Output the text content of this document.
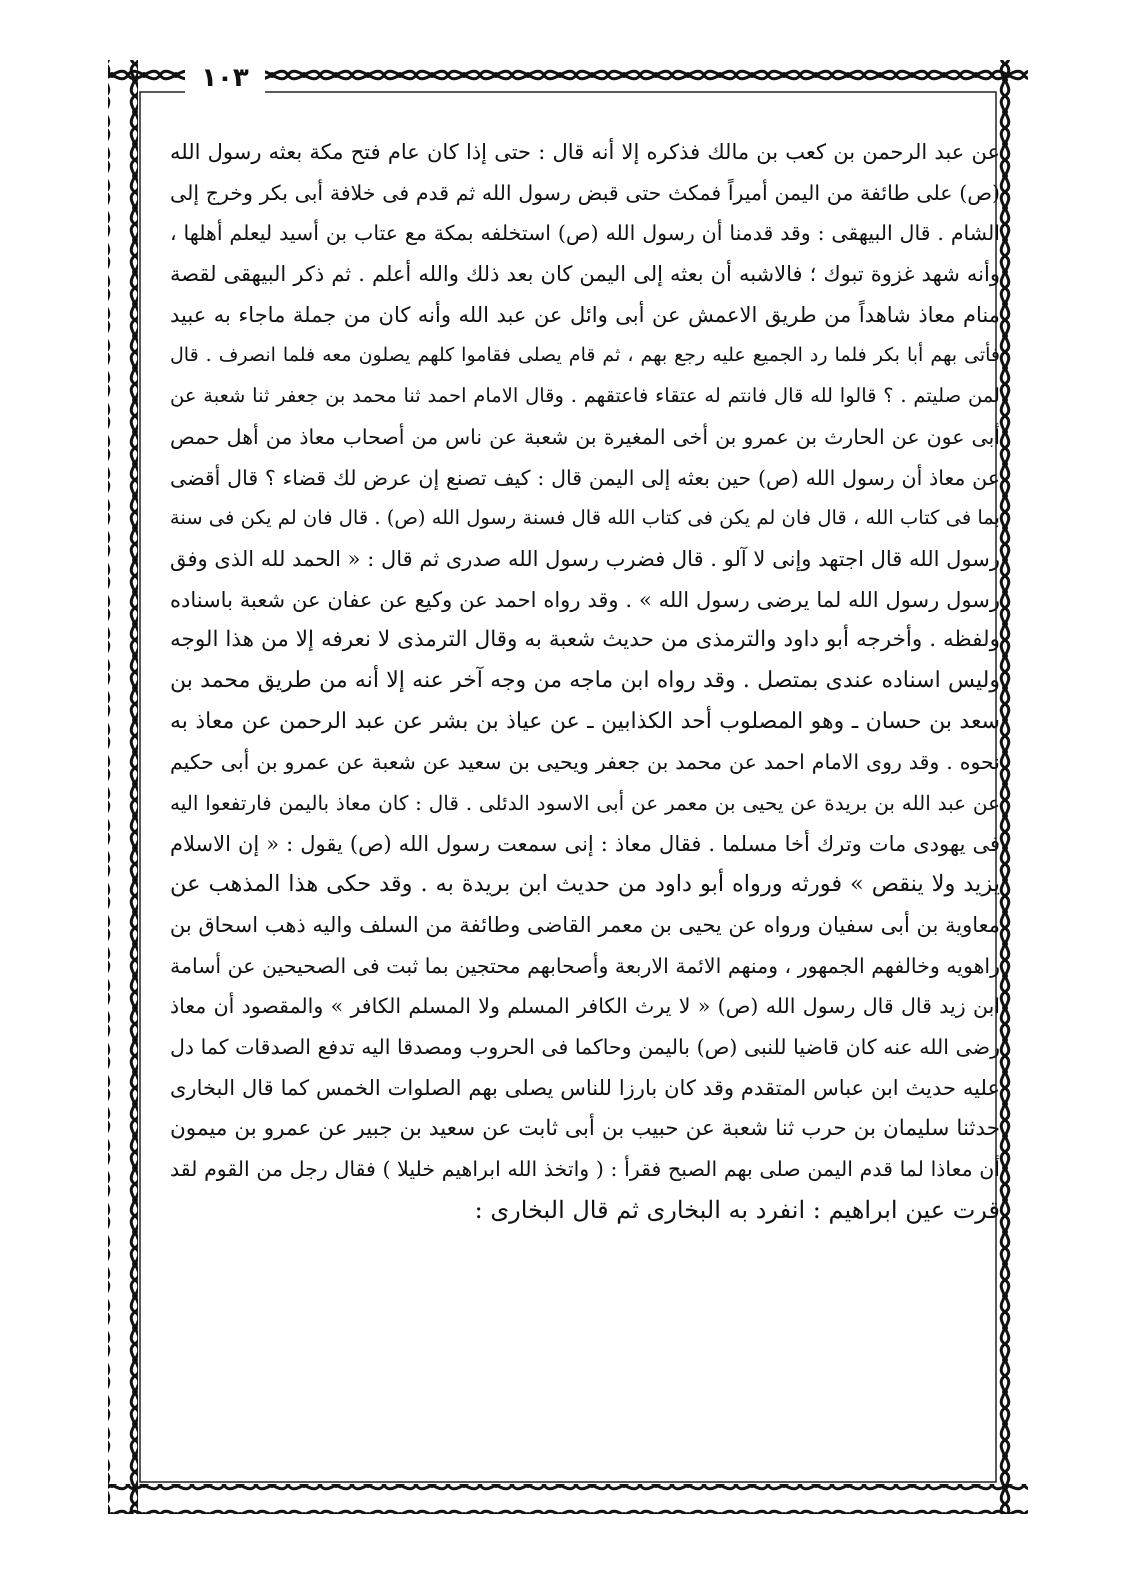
١٠٣
عن عبد الرحمن بن كعب بن مالك فذكره إلا أنه قال : حتى إذا كان عام فتح مكة بعثه رسول الله
(ص) على طائفة من اليمن أميراً فمكث حتى قبض رسول الله ثم قدم فى خلافة أبى بكر وخرج إلى
الشام . قال البيهقى : وقد قدمنا أن رسول الله (ص) استخلفه بمكة مع عتاب بن أسيد ليعلم أهلها ،
وأنه شهد غزوة تبوك ؛ فالاشبه أن بعثه إلى اليمن كان بعد ذلك والله أعلم . ثم ذكر البيهقى لقصة
منام معاذ شاهداً من طريق الاعمش عن أبى وائل عن عبد الله وأنه كان من جملة ماجاء به عبيد
فأتى بهم أبا بكر فلما رد الجميع عليه رجع بهم ، ثم قام يصلى فقاموا كلهم يصلون معه فلما انصرف . قال
لمن صليتم . ؟ قالوا لله قال فانتم له عتقاء فاعتقهم . وقال الامام احمد ثنا محمد بن جعفر ثنا شعبة عن
أبى عون عن الحارث بن عمرو بن أخى المغيرة بن شعبة عن ناس من أصحاب معاذ من أهل حمص
عن معاذ أن رسول الله (ص) حين بعثه إلى اليمن قال : كيف تصنع إن عرض لك قضاء ؟ قال أقضى
بما فى كتاب الله ، قال فان لم يكن فى كتاب الله قال فسنة رسول الله (ص) . قال فان لم يكن فى سنة
رسول الله قال اجتهد وإنى لا آلو . قال فضرب رسول الله صدرى ثم قال : « الحمد لله الذى وفق
رسول رسول الله لما يرضى رسول الله » . وقد رواه احمد عن وكيع عن عفان عن شعبة باسناده
ولفظه . وأخرجه أبو داود والترمذى من حديث شعبة به وقال الترمذى لا نعرفه إلا من هذا الوجه
وليس اسناده عندى بمتصل . وقد رواه ابن ماجه من وجه آخر عنه إلا أنه من طريق محمد بن
سعد بن حسان ـ وهو المصلوب أحد الكذابين ـ عن عياذ بن بشر عن عبد الرحمن عن معاذ به
نحوه . وقد روى الامام احمد عن محمد بن جعفر ويحيى بن سعيد عن شعبة عن عمرو بن أبى حكيم
عن عبد الله بن بريدة عن يحيى بن معمر عن أبى الاسود الدئلى . قال : كان معاذ باليمن فارتفعوا اليه
فى يهودى مات وترك أخا مسلما . فقال معاذ : إنى سمعت رسول الله (ص) يقول : « إن الاسلام
يزيد ولا ينقص » فورثه ورواه أبو داود من حديث ابن بريدة به . وقد حكى هذا المذهب عن
معاوية بن أبى سفيان ورواه عن يحيى بن معمر القاضى وطائفة من السلف واليه ذهب اسحاق بن
راهويه وخالفهم الجمهور ، ومنهم الائمة الاربعة وأصحابهم محتجين بما ثبت فى الصحيحين عن أسامة
ابن زيد قال قال رسول الله (ص) « لا يرث الكافر المسلم ولا المسلم الكافر » والمقصود أن معاذ
رضى الله عنه كان قاضيا للنبى (ص) باليمن وحاكما فى الحروب ومصدقا اليه تدفع الصدقات كما دل
عليه حديث ابن عباس المتقدم وقد كان بارزا للناس يصلى بهم الصلوات الخمس كما قال البخارى
حدثنا سليمان بن حرب ثنا شعبة عن حبيب بن أبى ثابت عن سعيد بن جبير عن عمرو بن ميمون
أن معاذا لما قدم اليمن صلى بهم الصبح فقرأ : ( واتخذ الله ابراهيم خليلا ) فقال رجل من القوم لقد
قرت عين ابراهيم : انفرد به البخارى ثم قال البخارى :
